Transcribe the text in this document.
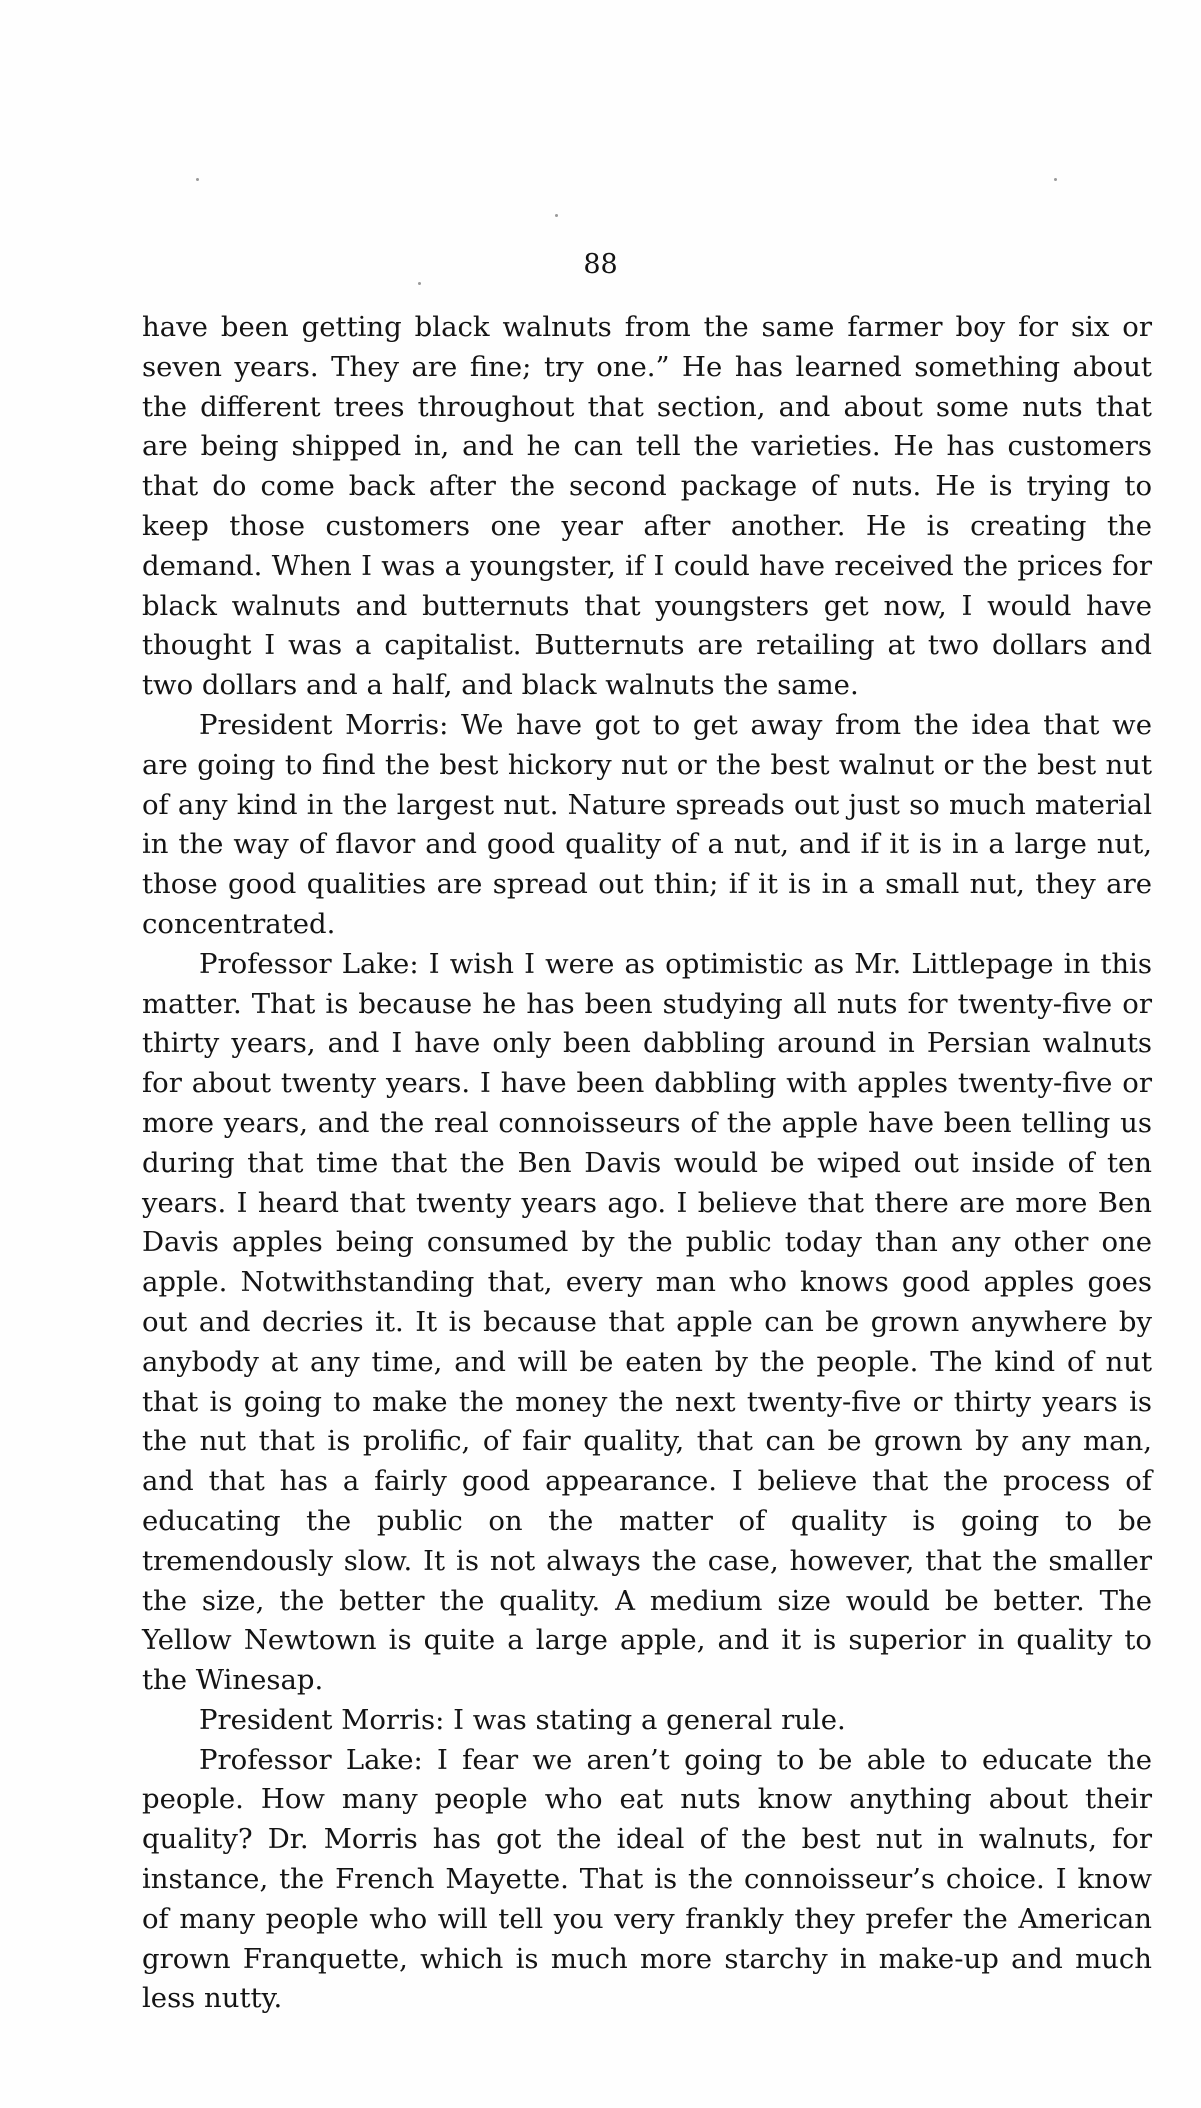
88

have been getting black walnuts from the same farmer boy for six or seven years. They are fine; try one.” He has learned something about the different trees throughout that section, and about some nuts that are being shipped in, and he can tell the varieties. He has customers that do come back after the second package of nuts. He is trying to keep those customers one year after another. He is creating the demand. When I was a youngster, if I could have received the prices for black walnuts and butternuts that youngsters get now, I would have thought I was a capitalist. Butternuts are retailing at two dollars and two dollars and a half, and black walnuts the same.

President Morris: We have got to get away from the idea that we are going to find the best hickory nut or the best walnut or the best nut of any kind in the largest nut. Nature spreads out just so much material in the way of flavor and good quality of a nut, and if it is in a large nut, those good qualities are spread out thin; if it is in a small nut, they are concentrated.

Professor Lake: I wish I were as optimistic as Mr. Littlepage in this matter. That is because he has been studying all nuts for twenty-five or thirty years, and I have only been dabbling around in Persian walnuts for about twenty years. I have been dabbling with apples twenty-five or more years, and the real connoisseurs of the apple have been telling us during that time that the Ben Davis would be wiped out inside of ten years. I heard that twenty years ago. I believe that there are more Ben Davis apples being consumed by the public today than any other one apple. Notwithstanding that, every man who knows good apples goes out and decries it. It is because that apple can be grown anywhere by anybody at any time, and will be eaten by the people. The kind of nut that is going to make the money the next twenty-five or thirty years is the nut that is prolific, of fair quality, that can be grown by any man, and that has a fairly good appearance. I believe that the process of educating the public on the matter of quality is going to be tremendously slow. It is not always the case, however, that the smaller the size, the better the quality. A medium size would be better. The Yellow Newtown is quite a large apple, and it is superior in quality to the Winesap.

President Morris: I was stating a general rule.

Professor Lake: I fear we aren’t going to be able to educate the people. How many people who eat nuts know anything about their quality? Dr. Morris has got the ideal of the best nut in walnuts, for instance, the French Mayette. That is the connoisseur’s choice. I know of many people who will tell you very frankly they prefer the American grown Franquette, which is much more starchy in make-up and much less nutty.
